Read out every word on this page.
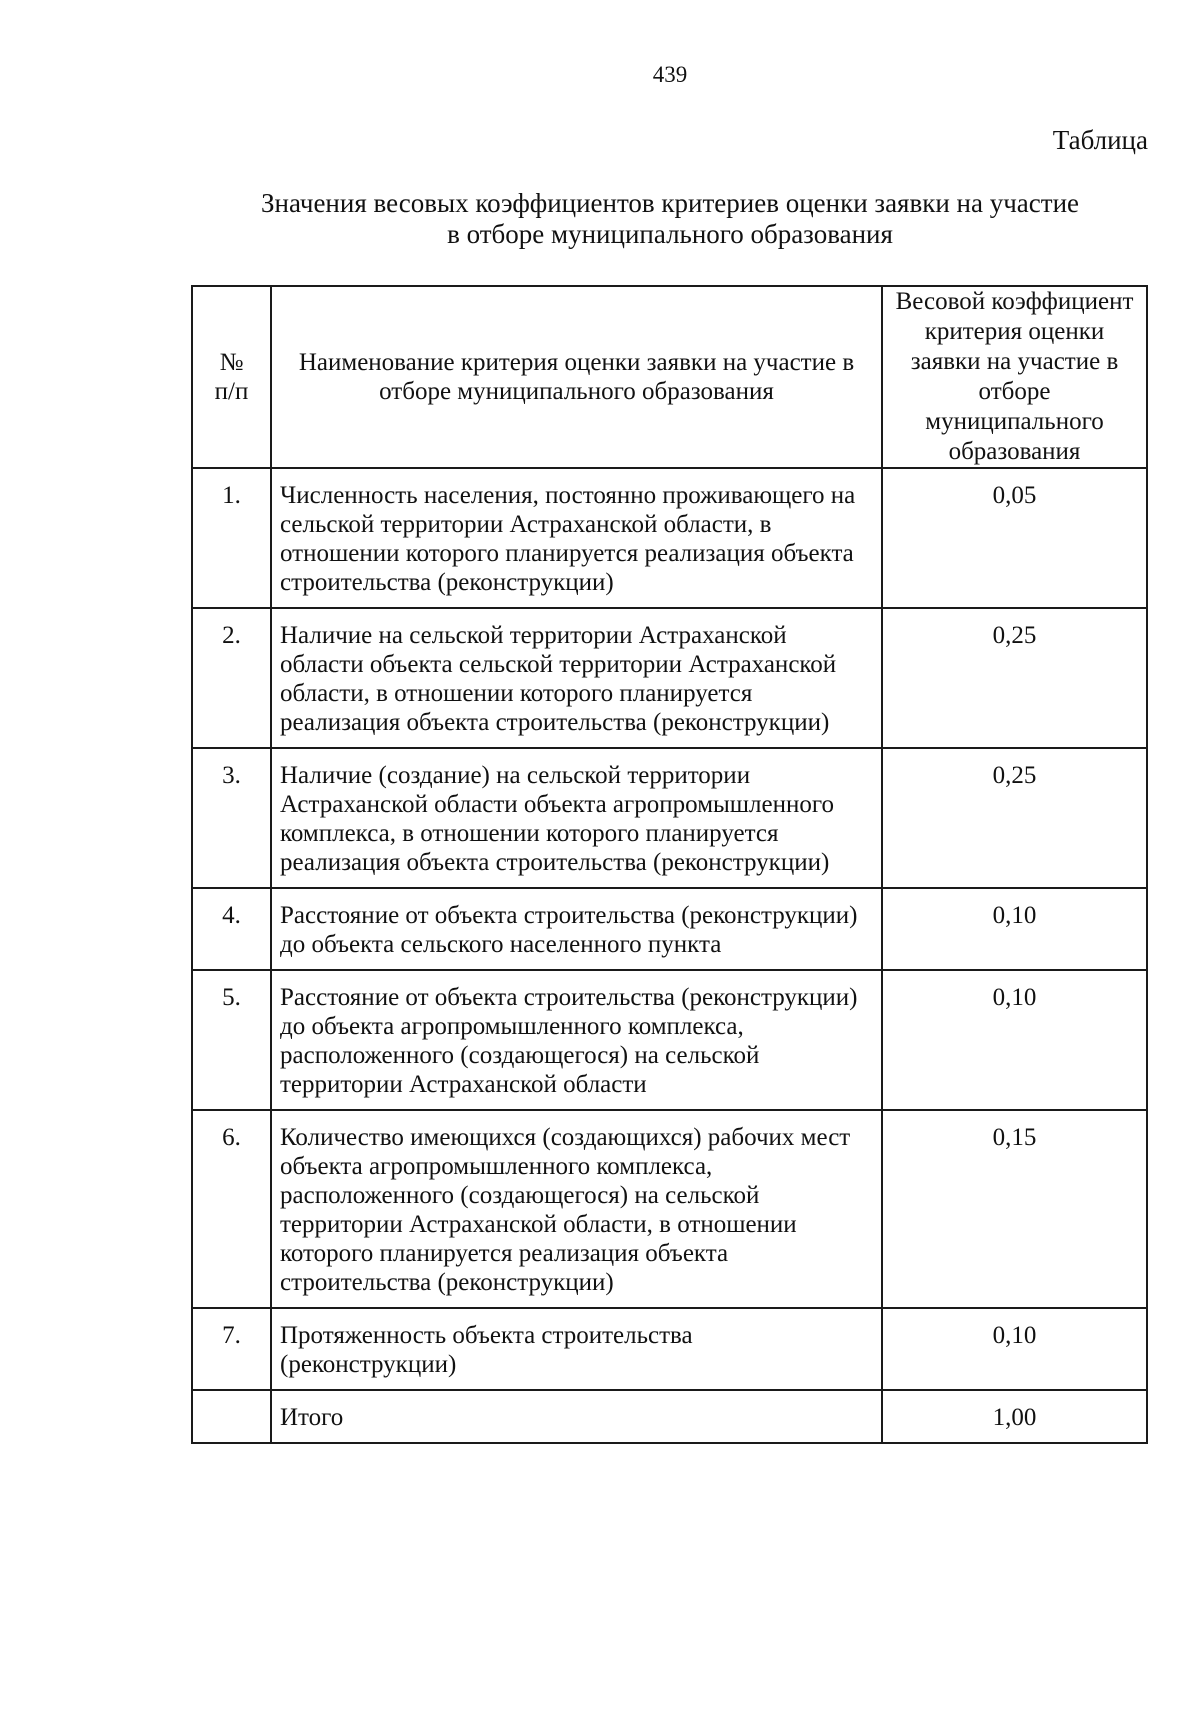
439
Таблица
Значения весовых коэффициентов критериев оценки заявки на участие
в отборе муниципального образования
№
п/п	Наименование критерия оценки заявки на участие в отборе муниципального образования	Весовой коэффициент критерия оценки заявки на участие в отборе муниципального образования
1.	Численность населения, постоянно проживающего на сельской территории Астраханской области, в отношении которого планируется реализация объекта строительства (реконструкции)	0,05
2.	Наличие на сельской территории Астраханской области объекта сельской территории Астраханской области, в отношении которого планируется реализация объекта строительства (реконструкции)	0,25
3.	Наличие (создание) на сельской территории Астраханской области объекта агропромышленного комплекса, в отношении которого планируется реализация объекта строительства (реконструкции)	0,25
4.	Расстояние от объекта строительства (реконструкции) до объекта сельского населенного пункта	0,10
5.	Расстояние от объекта строительства (реконструкции) до объекта агропромышленного комплекса, расположенного (создающегося) на сельской территории Астраханской области	0,10
6.	Количество имеющихся (создающихся) рабочих мест объекта агропромышленного комплекса, расположенного (создающегося) на сельской территории Астраханской области, в отношении которого планируется реализация объекта строительства (реконструкции)	0,15
7.	Протяженность объекта строительства (реконструкции)	0,10
	Итого	1,00
